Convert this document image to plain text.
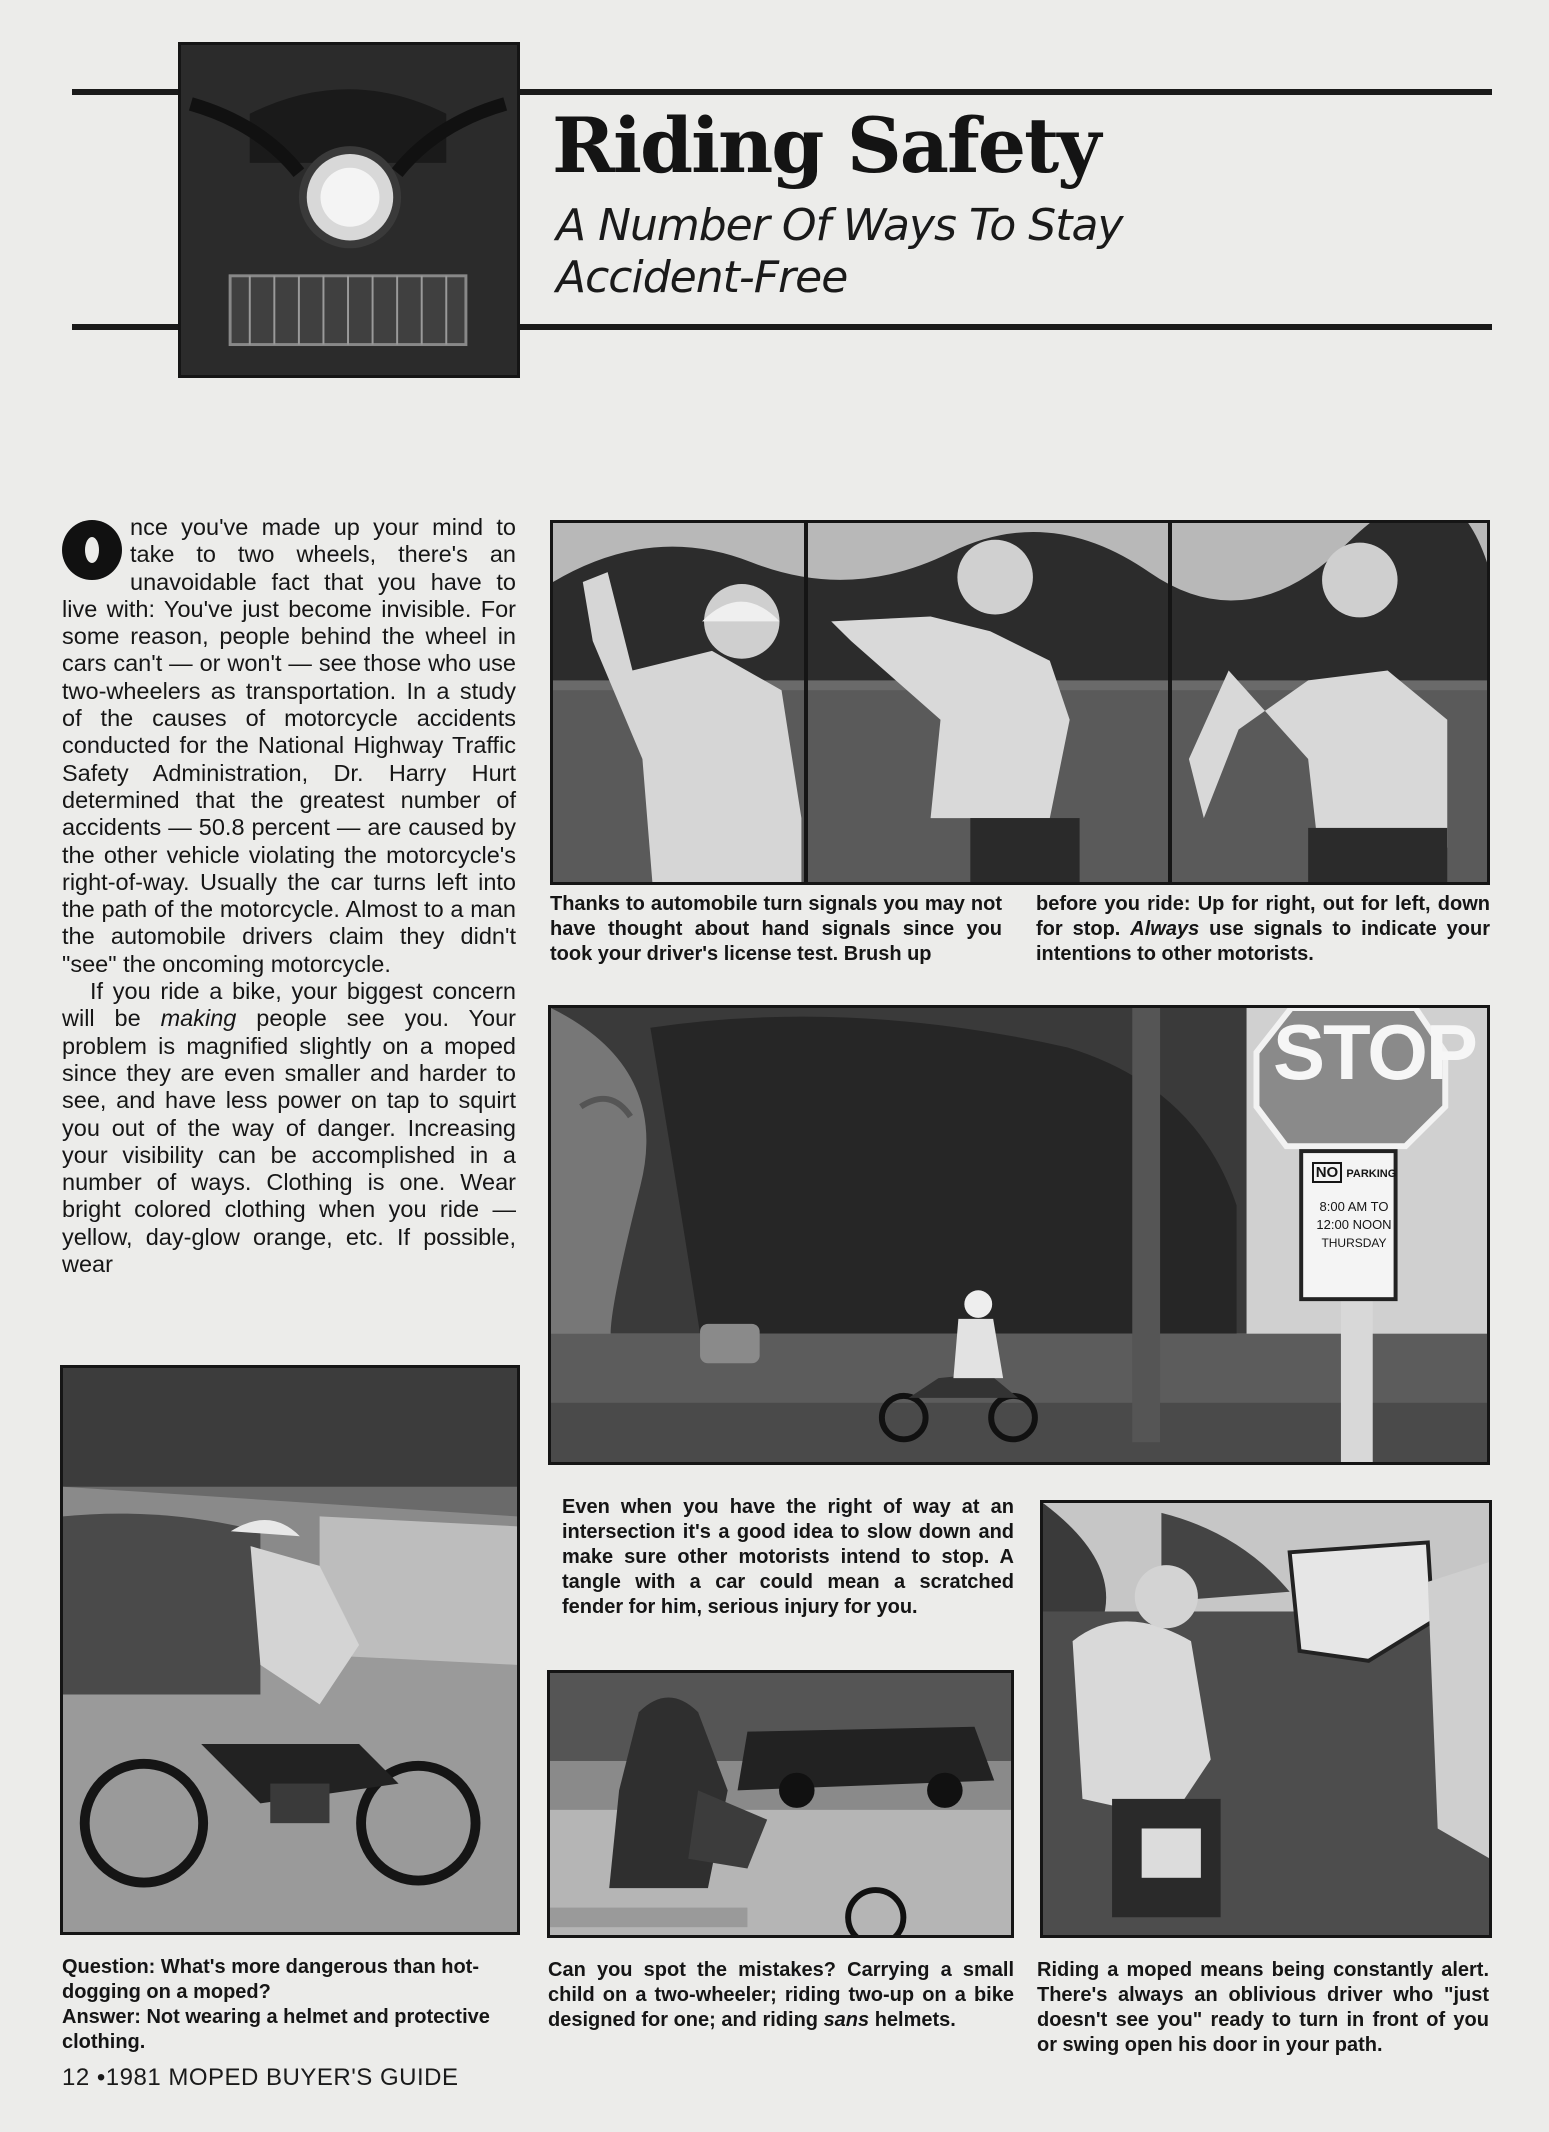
Riding Safety
A Number Of Ways To Stay
Accident-Free

nce you've made up your mind to take to two wheels, there's an unavoidable fact that you have to live with: You've just become invisible. For some reason, people behind the wheel in cars can't — or won't — see those who use two-wheelers as transportation. In a study of the causes of motorcycle accidents conducted for the National Highway Traffic Safety Administration, Dr. Harry Hurt determined that the greatest number of accidents — 50.8 percent — are caused by the other vehicle violating the motorcycle's right-of-way. Usually the car turns left into the path of the motorcycle. Almost to a man the automobile drivers claim they didn't "see" the oncoming motorcycle.

If you ride a bike, your biggest concern will be making people see you. Your problem is magnified slightly on a moped since they are even smaller and harder to see, and have less power on tap to squirt you out of the way of danger. Increasing your visibility can be accomplished in a number of ways. Clothing is one. Wear bright colored clothing when you ride — yellow, day-glow orange, etc. If possible, wear

Thanks to automobile turn signals you may not have thought about hand signals since you took your driver's license test. Brush up

before you ride: Up for right, out for left, down for stop. Always use signals to indicate your intentions to other motorists.

STOP
NO PARKING
8:00 AM TO
12:00 NOON
THURSDAY

Even when you have the right of way at an intersection it's a good idea to slow down and make sure other motorists intend to stop. A tangle with a car could mean a scratched fender for him, serious injury for you.

Question: What's more dangerous than hot-dogging on a moped?
Answer: Not wearing a helmet and protective clothing.

Can you spot the mistakes? Carrying a small child on a two-wheeler; riding two-up on a bike designed for one; and riding sans helmets.

Riding a moped means being constantly alert. There's always an oblivious driver who "just doesn't see you" ready to turn in front of you or swing open his door in your path.

12 •1981 MOPED BUYER'S GUIDE
